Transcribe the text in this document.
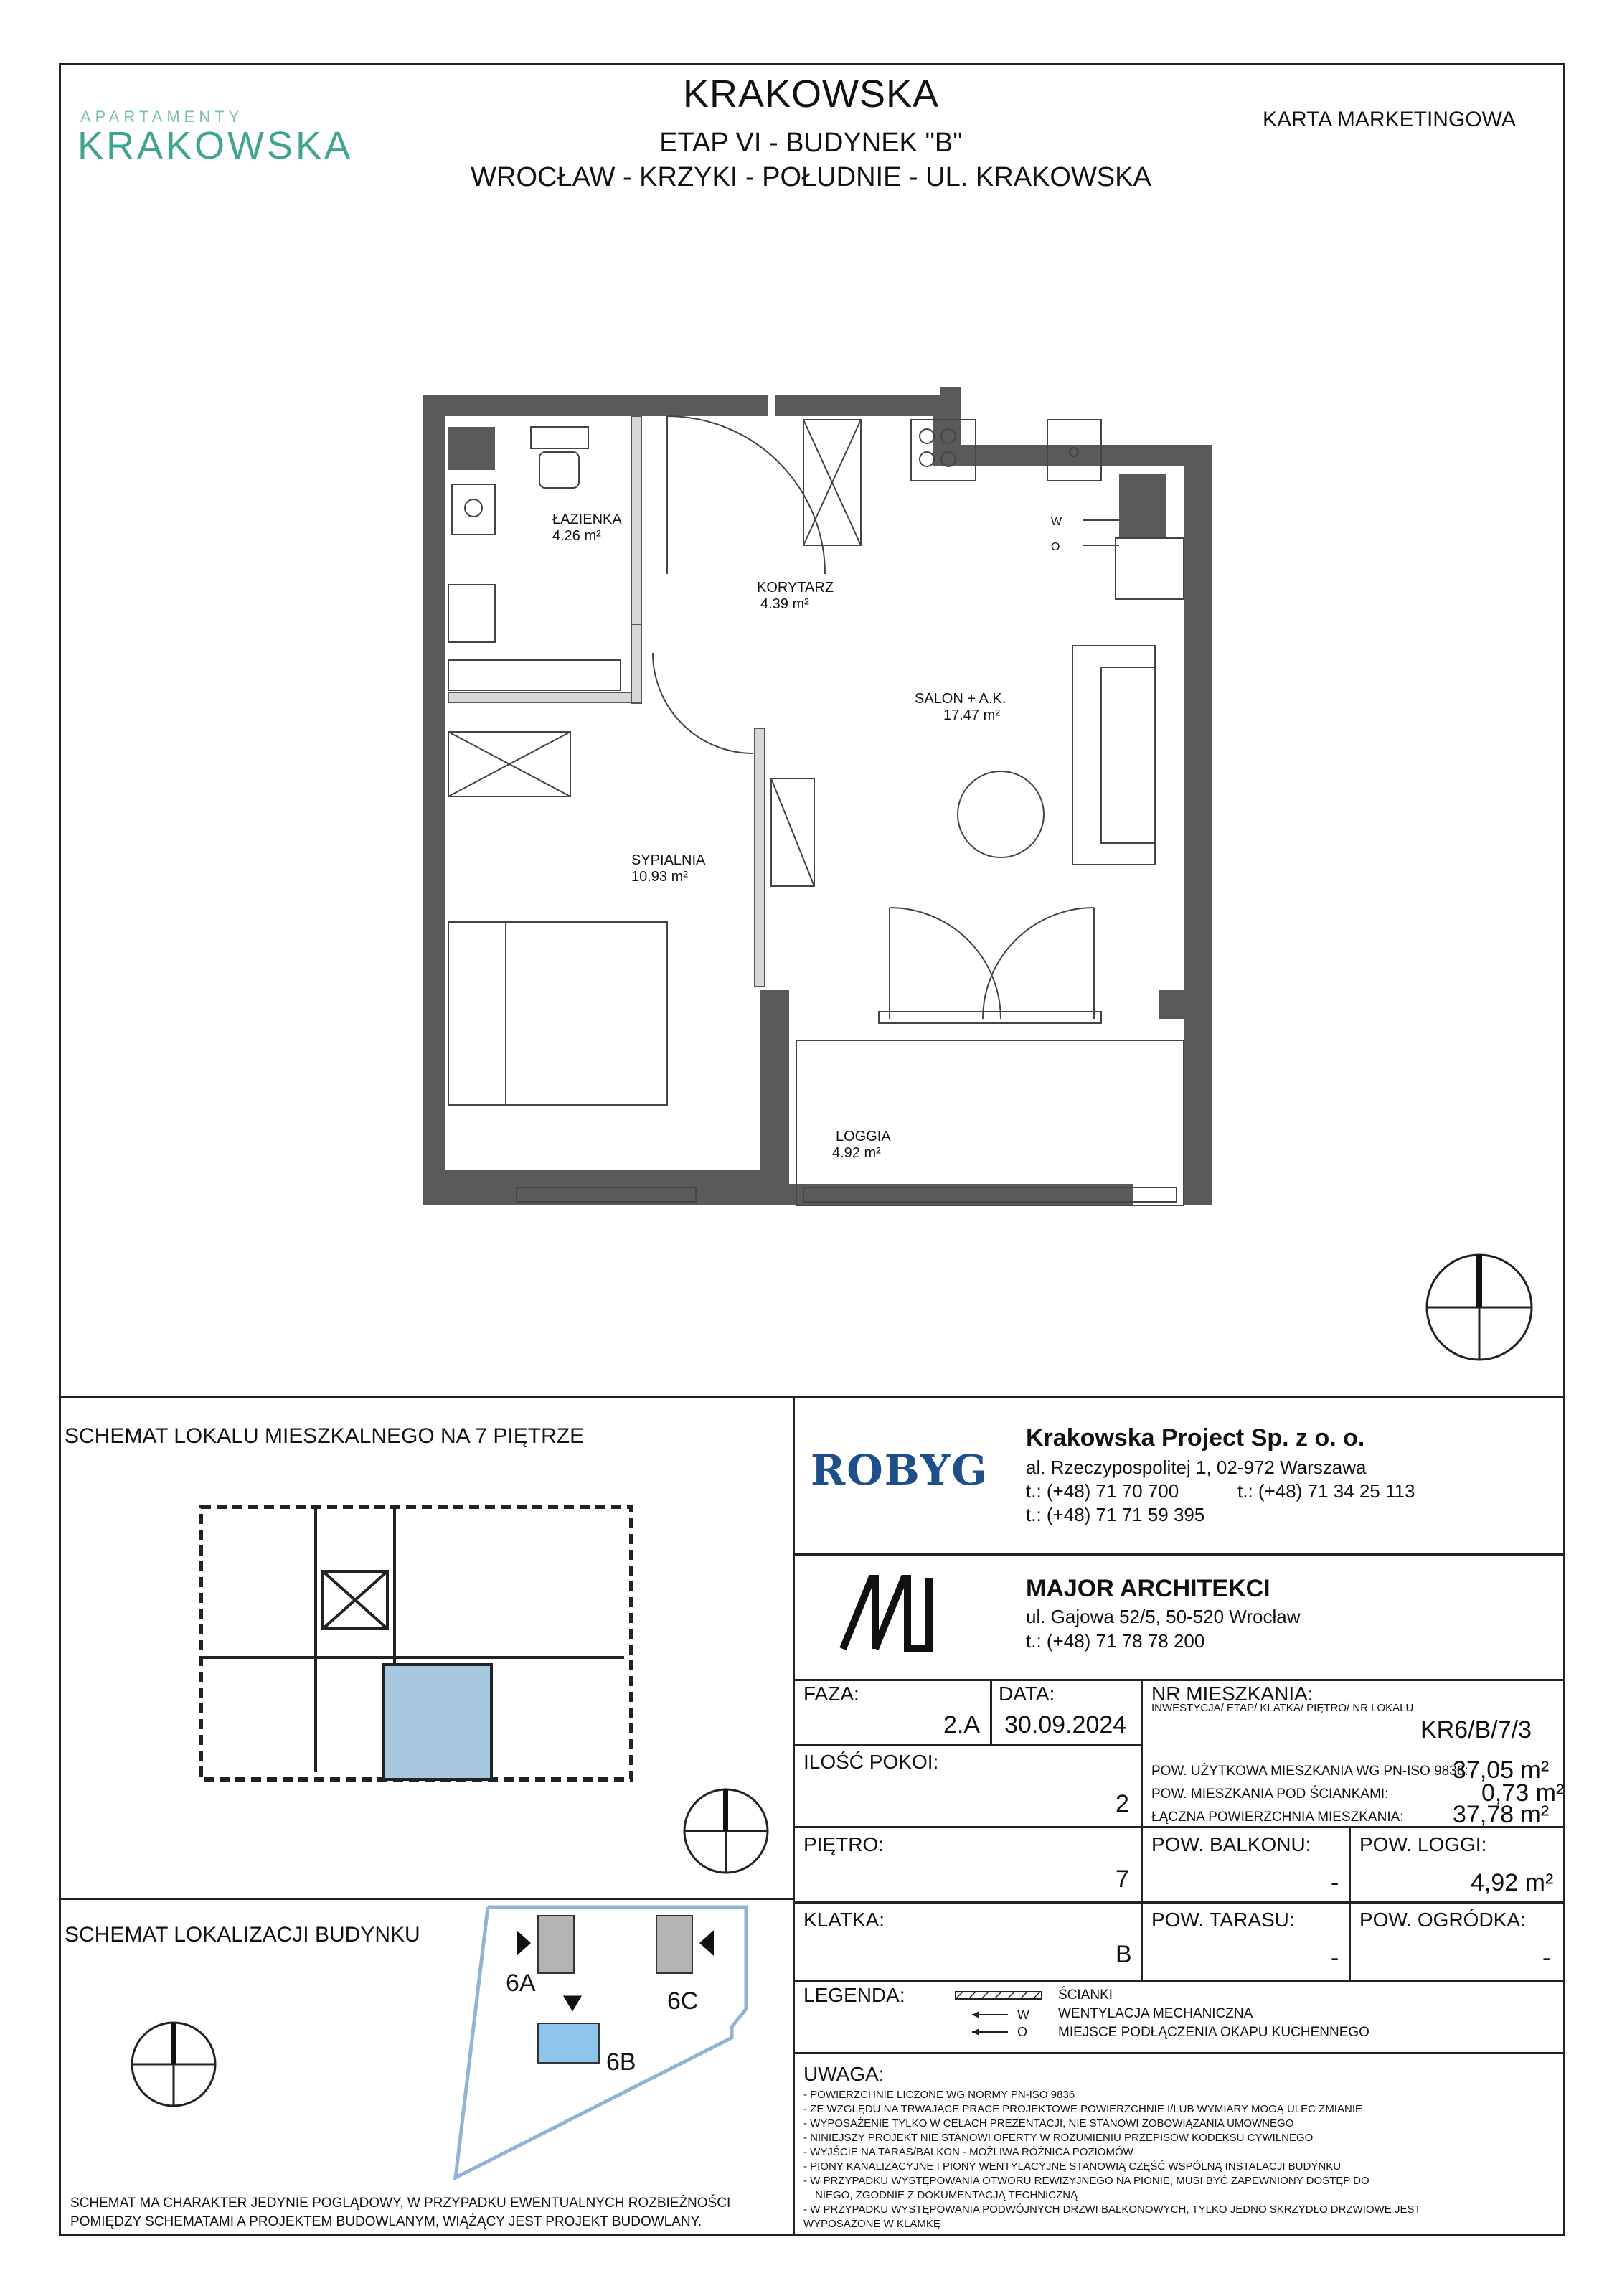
APARTAMENTY
KRAKOWSKA
KRAKOWSKA
ETAP VI - BUDYNEK "B"
WROCŁAW - KRZYKI - POŁUDNIE - UL. KRAKOWSKA
KARTA MARKETINGOWA
ŁAZIENKA
4.26 m²
KORYTARZ
4.39 m²
SALON + A.K.
17.47 m²
SYPIALNIA
10.93 m²
LOGGIA
4.92 m²
W
O
SCHEMAT LOKALU MIESZKALNEGO NA 7 PIĘTRZE
SCHEMAT LOKALIZACJI BUDYNKU
6A
6C
6B
SCHEMAT MA CHARAKTER JEDYNIE POGLĄDOWY, W PRZYPADKU EWENTUALNYCH ROZBIEŻNOŚCI
POMIĘDZY SCHEMATAMI A PROJEKTEM BUDOWLANYM, WIĄŻĄCY JEST PROJEKT BUDOWLANY.
ROBYG
Krakowska Project Sp. z o. o.
al. Rzeczypospolitej 1, 02-972 Warszawa
t.: (+48) 71 70 700	t.: (+48) 71 34 25 113
t.: (+48) 71 71 59 395
MAJOR ARCHITEKCI
ul. Gajowa 52/5, 50-520 Wrocław
t.: (+48) 71 78 78 200
FAZA:
2.A
DATA:
30.09.2024
NR MIESZKANIA:
INWESTYCJA/ ETAP/ KLATKA/ PIĘTRO/ NR LOKALU
KR6/B/7/3
ILOŚĆ POKOI:
2
POW. UŻYTKOWA MIESZKANIA WG PN-ISO 9836:
37,05 m²
POW. MIESZKANIA POD ŚCIANKAMI:	0,73 m²
ŁĄCZNA POWIERZCHNIA MIESZKANIA: 37,78 m²
PIĘTRO:
7
POW. BALKONU:
-
POW. LOGGI:
4,92 m²
KLATKA:
B
POW. TARASU:
-
POW. OGRÓDKA:
-
LEGENDA:
W
O
ŚCIANKI
WENTYLACJA MECHANICZNA
MIEJSCE PODŁĄCZENIA OKAPU KUCHENNEGO
UWAGA:
- POWIERZCHNIE LICZONE WG NORMY PN-ISO 9836
- ZE WZGLĘDU NA TRWAJĄCE PRACE PROJEKTOWE POWIERZCHNIE I/LUB WYMIARY MOGĄ ULEC ZMIANIE
- WYPOSAŻENIE TYLKO W CELACH PREZENTACJI, NIE STANOWI ZOBOWIĄZANIA UMOWNEGO
- NINIEJSZY PROJEKT NIE STANOWI OFERTY W ROZUMIENIU PRZEPISÓW KODEKSU CYWILNEGO
- WYJŚCIE NA TARAS/BALKON - MOŻLIWA RÓŻNICA POZIOMÓW
- PIONY KANALIZACYJNE I PIONY WENTYLACYJNE STANOWIĄ CZĘŚĆ WSPÓLNĄ INSTALACJI BUDYNKU
- W PRZYPADKU WYSTĘPOWANIA OTWORU REWIZYJNEGO NA PIONIE, MUSI BYĆ ZAPEWNIONY DOSTĘP DO
NIEGO, ZGODNIE Z DOKUMENTACJĄ TECHNICZNĄ
- W PRZYPADKU WYSTĘPOWANIA PODWÓJNYCH DRZWI BALKONOWYCH, TYLKO JEDNO SKRZYDŁO DRZWIOWE JEST
WYPOSAŻONE W KLAMKĘ
